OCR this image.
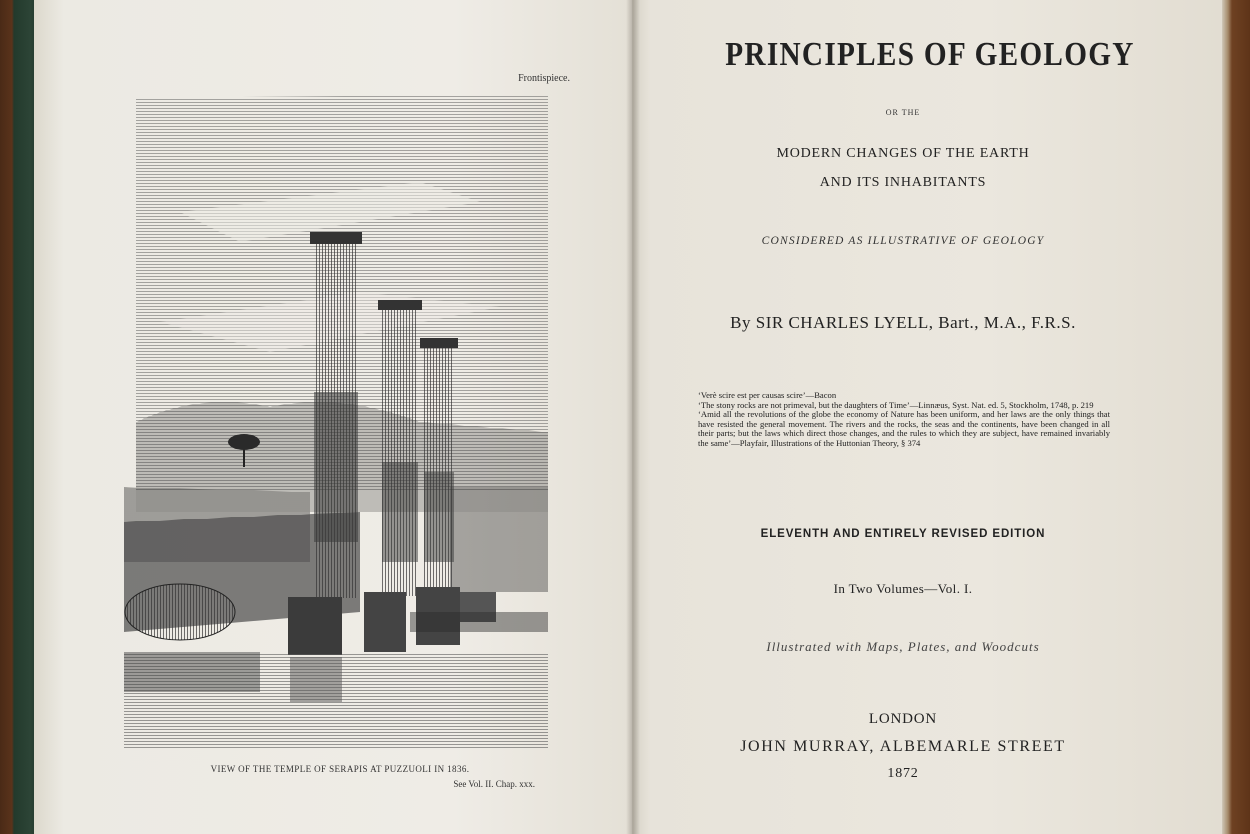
Frontispiece.
VIEW OF THE TEMPLE OF SERAPIS AT PUZZUOLI IN 1836.
See Vol. II. Chap. xxx.
PRINCIPLES OF GEOLOGY
OR THE
MODERN CHANGES OF THE EARTH
AND ITS INHABITANTS
CONSIDERED AS ILLUSTRATIVE OF GEOLOGY
By SIR CHARLES LYELL, Bart., M.A., F.R.S.

‘Verè scire est per causas scire’—Bacon

‘The stony rocks are not primeval, but the daughters of Time’—Linnæus, Syst. Nat. ed. 5, Stockholm, 1748, p. 219

‘Amid all the revolutions of the globe the economy of Nature has been uniform, and her laws are the only things that have resisted the general movement. The rivers and the rocks, the seas and the continents, have been changed in all their parts; but the laws which direct those changes, and the rules to which they are subject, have remained invariably the same’—Playfair, Illustrations of the Huttonian Theory, § 374

ELEVENTH AND ENTIRELY REVISED EDITION
In Two Volumes—Vol. I.
Illustrated with Maps, Plates, and Woodcuts
LONDON
JOHN MURRAY, ALBEMARLE STREET
1872
